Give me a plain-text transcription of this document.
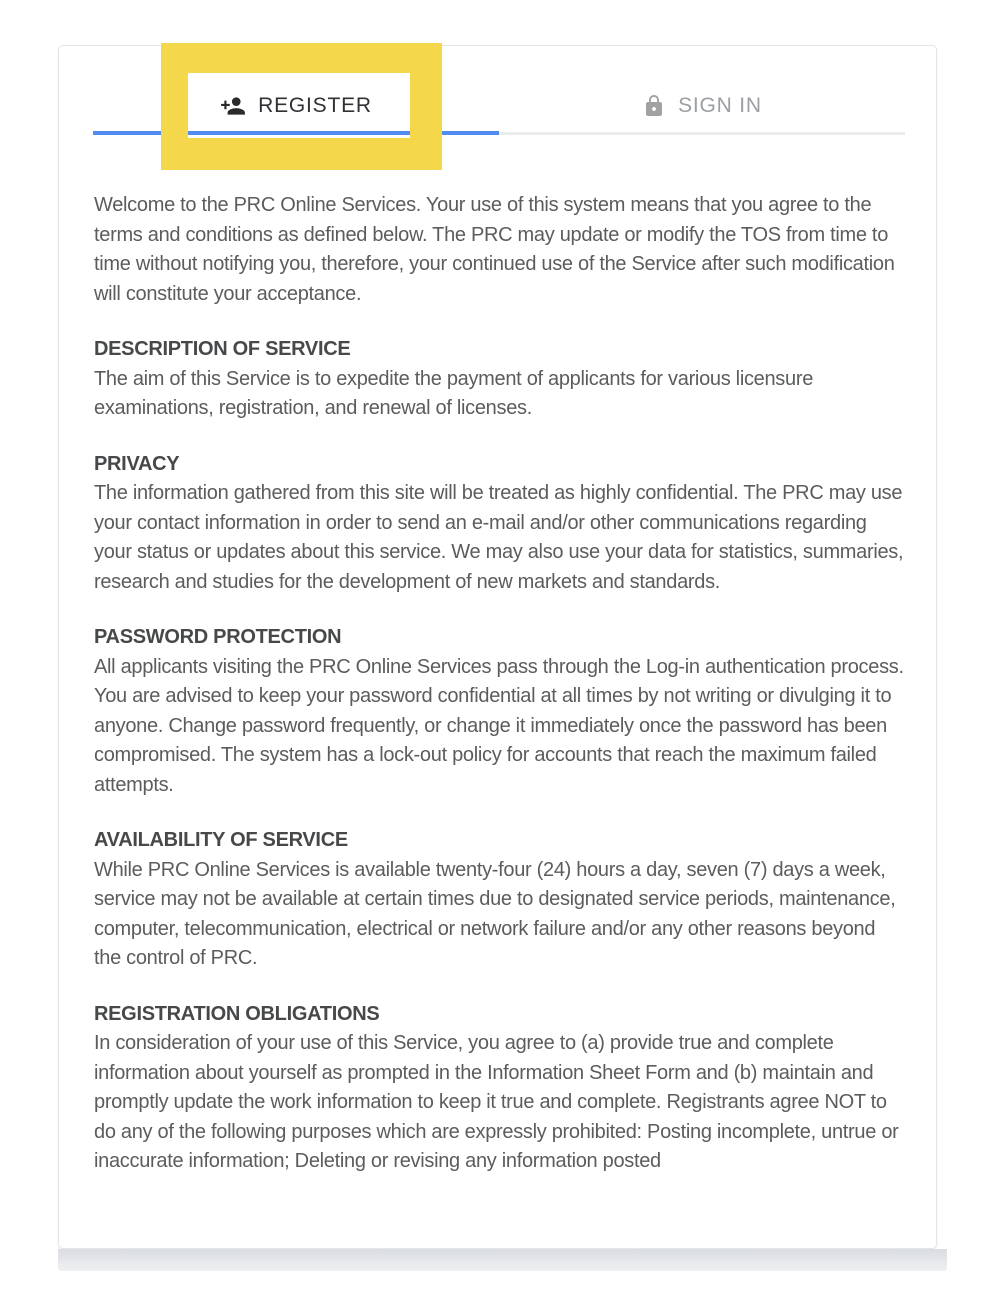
REGISTER	SIGN IN

Welcome to the PRC Online Services. Your use of this system means that you agree to the terms and conditions as defined below. The PRC may update or modify the TOS from time to time without notifying you, therefore, your continued use of the Service after such modification will constitute your acceptance.

DESCRIPTION OF SERVICE

The aim of this Service is to expedite the payment of applicants for various licensure examinations, registration, and renewal of licenses.

PRIVACY

The information gathered from this site will be treated as highly confidential. The PRC may use your contact information in order to send an e-mail and/or other communications regarding your status or updates about this service. We may also use your data for statistics, summaries, research and studies for the development of new markets and standards.

PASSWORD PROTECTION

All applicants visiting the PRC Online Services pass through the Log-in authentication process. You are advised to keep your password confidential at all times by not writing or divulging it to anyone. Change password frequently, or change it immediately once the password has been compromised. The system has a lock-out policy for accounts that reach the maximum failed attempts.

AVAILABILITY OF SERVICE

While PRC Online Services is available twenty-four (24) hours a day, seven (7) days a week, service may not be available at certain times due to designated service periods, maintenance, computer, telecommunication, electrical or network failure and/or any other reasons beyond the control of PRC.

REGISTRATION OBLIGATIONS

In consideration of your use of this Service, you agree to (a) provide true and complete information about yourself as prompted in the Information Sheet Form and (b) maintain and promptly update the work information to keep it true and complete. Registrants agree NOT to do any of the following purposes which are expressly prohibited: Posting incomplete, untrue or inaccurate information; Deleting or revising any information posted
